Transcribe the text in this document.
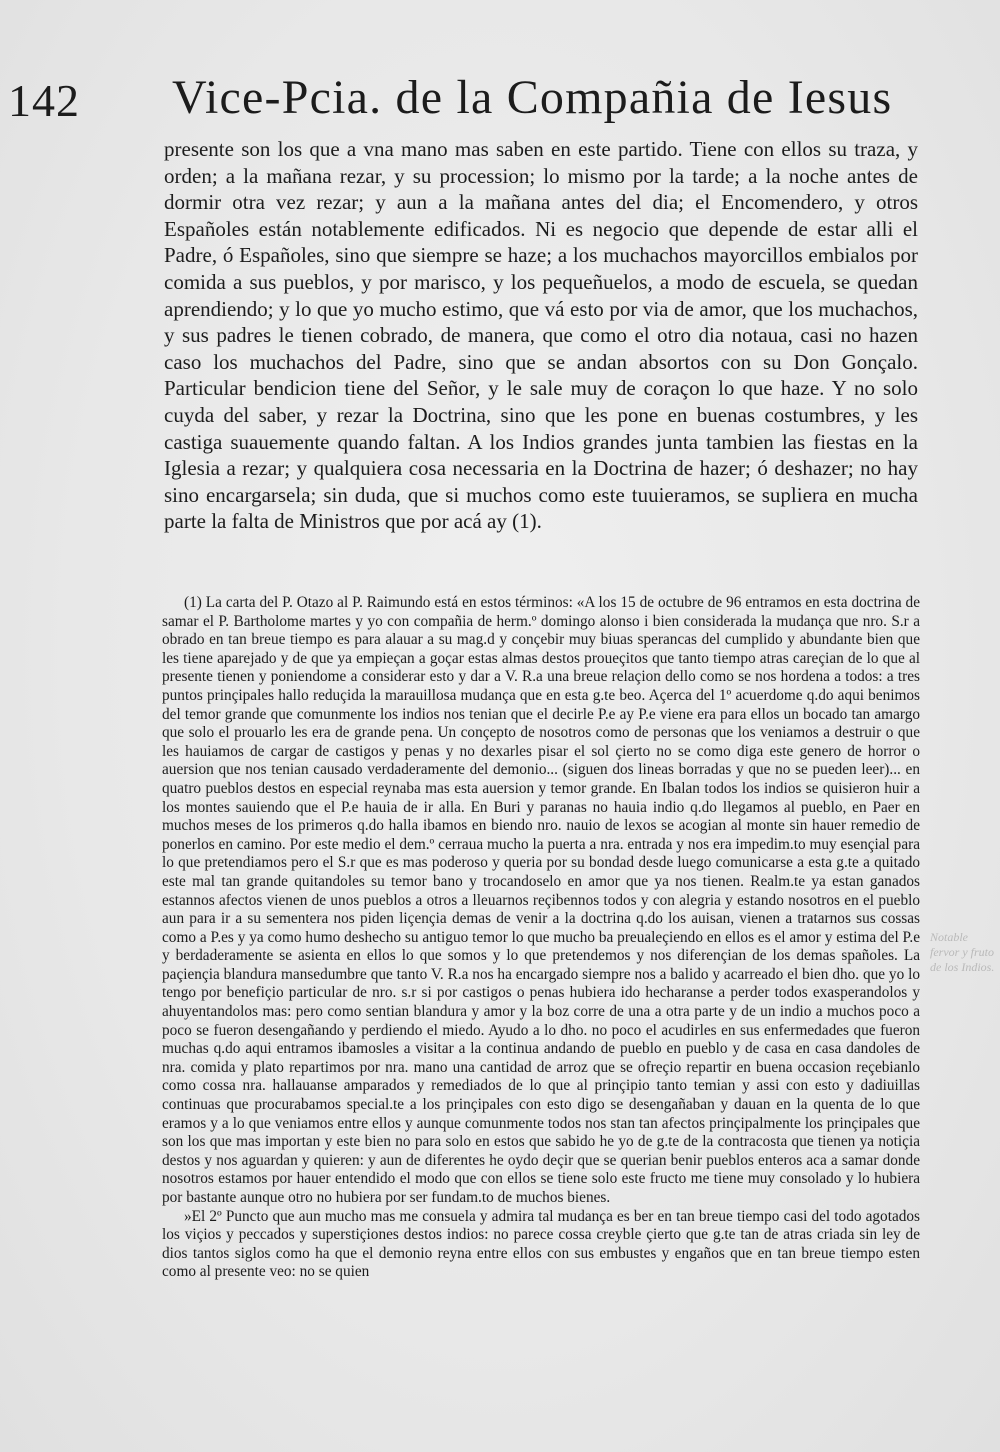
142 Vice-Pcia. de la Compañia de Iesus

presente son los que a vna mano mas saben en este partido. Tiene con ellos su traza, y orden; a la mañana rezar, y su procession; lo mismo por la tarde; a la noche antes de dormir otra vez rezar; y aun a la mañana antes del dia; el Encomendero, y otros Españoles están notablemente edificados. Ni es negocio que depende de estar alli el Padre, ó Españoles, sino que siempre se haze; a los muchachos mayorcillos embialos por comida a sus pueblos, y por marisco, y los pequeñuelos, a modo de escuela, se quedan aprendiendo; y lo que yo mucho estimo, que vá esto por via de amor, que los muchachos, y sus padres le tienen cobrado, de manera, que como el otro dia notaua, casi no hazen caso los muchachos del Padre, sino que se andan absortos con su Don Gonçalo. Particular bendicion tiene del Señor, y le sale muy de coraçon lo que haze. Y no solo cuyda del saber, y rezar la Doctrina, sino que les pone en buenas costumbres, y les castiga suauemente quando faltan. A los Indios grandes junta tambien las fiestas en la Iglesia a rezar; y qualquiera cosa necessaria en la Doctrina de hazer; ó deshazer; no hay sino encargarsela; sin duda, que si muchos como este tuuieramos, se supliera en mucha parte la falta de Ministros que por acá ay (1).

(1) La carta del P. Otazo al P. Raimundo está en estos términos: «A los 15 de octubre de 96 entramos en esta doctrina de samar el P. Bartholome martes y yo con compañia de herm.º domingo alonso i bien considerada la mudança que nro. S.r a obrado en tan breue tiempo es para alauar a su mag.d y conçebir muy biuas sperancas del cumplido y abundante bien que les tiene aparejado y de que ya empieçan a goçar estas almas destos proueçitos que tanto tiempo atras careçian de lo que al presente tienen y poniendome a considerar esto y dar a V. R.a una breue relaçion dello como se nos hordena a todos: a tres puntos prinçipales hallo reduçida la marauillosa mudança que en esta g.te beo. Açerca del 1º acuerdome q.do aqui benimos del temor grande que comunmente los indios nos tenian que el decirle P.e ay P.e viene era para ellos un bocado tan amargo que solo el prouarlo les era de grande pena. Un conçepto de nosotros como de personas que los veniamos a destruir o que les hauiamos de cargar de castigos y penas y no dexarles pisar el sol çierto no se como diga este genero de horror o auersion que nos tenian causado verdaderamente del demonio... (siguen dos lineas borradas y que no se pueden leer)... en quatro pueblos destos en especial reynaba mas esta auersion y temor grande. En Ibalan todos los indios se quisieron huir a los montes sauiendo que el P.e hauia de ir alla. En Buri y paranas no hauia indio q.do llegamos al pueblo, en Paer en muchos meses de los primeros q.do halla ibamos en biendo nro. nauio de lexos se acogian al monte sin hauer remedio de ponerlos en camino. Por este medio el dem.º cerraua mucho la puerta a nra. entrada y nos era impedim.to muy esençial para lo que pretendiamos pero el S.r que es mas poderoso y queria por su bondad desde luego comunicarse a esta g.te a quitado este mal tan grande quitandoles su temor bano y trocandoselo en amor que ya nos tienen. Realm.te ya estan ganados estannos afectos vienen de unos pueblos a otros a lleuarnos reçibennos todos y con alegria y estando nosotros en el pueblo aun para ir a su sementera nos piden liçençia demas de venir a la doctrina q.do los auisan, vienen a tratarnos sus cossas como a P.es y ya como humo deshecho su antiguo temor lo que mucho ba preualeçiendo en ellos es el amor y estima del P.e y berdaderamente se asienta en ellos lo que somos y lo que pretendemos y nos diferençian de los demas spañoles. La paçiençia blandura mansedumbre que tanto V. R.a nos ha encargado siempre nos a balido y acarreado el bien dho. que yo lo tengo por benefiçio particular de nro. s.r si por castigos o penas hubiera ido hecharanse a perder todos exasperandolos y ahuyentandolos mas: pero como sentian blandura y amor y la boz corre de una a otra parte y de un indio a muchos poco a poco se fueron desengañando y perdiendo el miedo. Ayudo a lo dho. no poco el acudirles en sus enfermedades que fueron muchas q.do aqui entramos ibamosles a visitar a la continua andando de pueblo en pueblo y de casa en casa dandoles de nra. comida y plato repartimos por nra. mano una cantidad de arroz que se ofreçio repartir en buena occasion reçebianlo como cossa nra. hallauanse amparados y remediados de lo que al prinçipio tanto temian y assi con esto y dadiuillas continuas que procurabamos special.te a los prinçipales con esto digo se desengañaban y dauan en la quenta de lo que eramos y a lo que veniamos entre ellos y aunque comunmente todos nos stan tan afectos prinçipalmente los prinçipales que son los que mas importan y este bien no para solo en estos que sabido he yo de g.te de la contracosta que tienen ya notiçia destos y nos aguardan y quieren: y aun de diferentes he oydo deçir que se querian benir pueblos enteros aca a samar donde nosotros estamos por hauer entendido el modo que con ellos se tiene solo este fructo me tiene muy consolado y lo hubiera por bastante aunque otro no hubiera por ser fundam.to de muchos bienes.

»El 2º Puncto que aun mucho mas me consuela y admira tal mudança es ber en tan breue tiempo casi del todo agotados los viçios y peccados y superstiçiones destos indios: no parece cossa creyble çierto que g.te tan de atras criada sin ley de dios tantos siglos como ha que el demonio reyna entre ellos con sus embustes y engaños que en tan breue tiempo esten como al presente veo: no se quien

Notable fervor y fruto de los Indios.
